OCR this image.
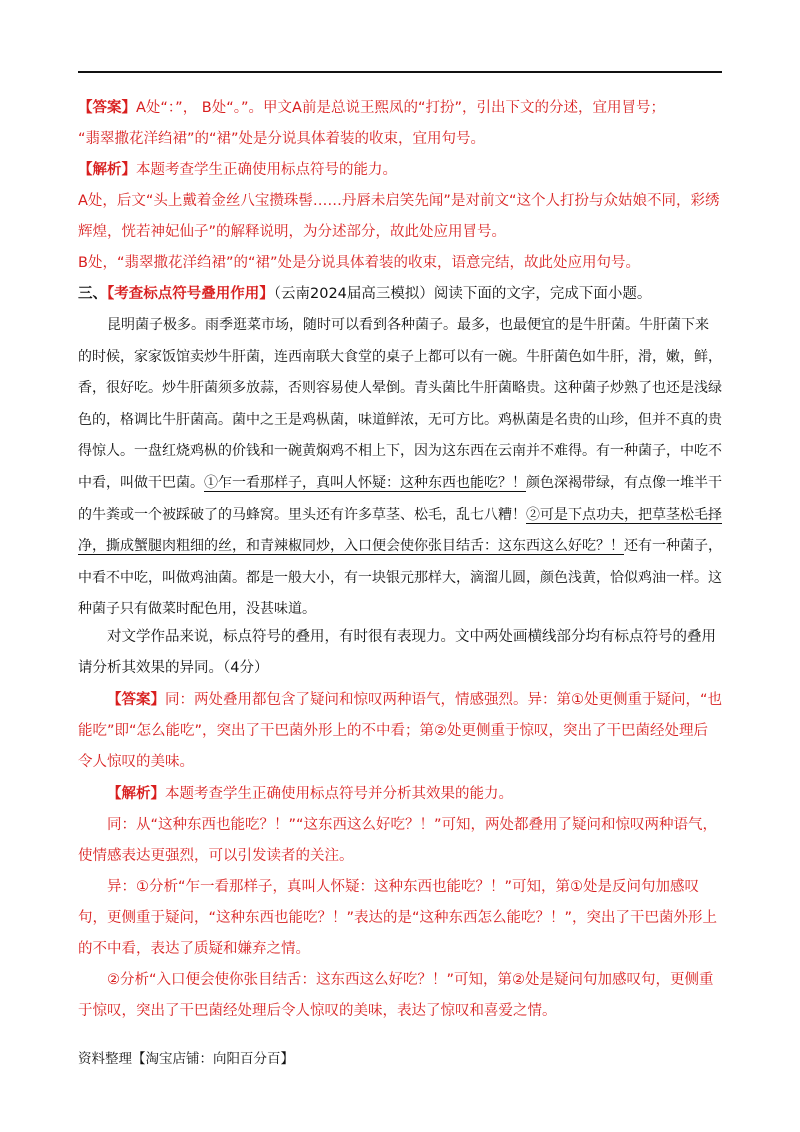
【答案】A处“：”， B处“。”。甲文A前是总说王熙凤的“打扮”，引出下文的分述，宜用冒号；

“翡翠撒花洋绉裙”的“裙”处是分说具体着装的收束，宜用句号。

【解析】本题考查学生正确使用标点符号的能力。

A处，后文“头上戴着金丝八宝攒珠髻……丹唇未启笑先闻”是对前文“这个人打扮与众姑娘不同，彩绣辉煌，恍若神妃仙子”的解释说明，为分述部分，故此处应用冒号。

B处，“翡翠撒花洋绉裙”的“裙”处是分说具体着装的收束，语意完结，故此处应用句号。

三、【考查标点符号叠用作用】（云南2024届高三模拟）阅读下面的文字，完成下面小题。

昆明菌子极多。雨季逛菜市场，随时可以看到各种菌子。最多，也最便宜的是牛肝菌。牛肝菌下来的时候，家家饭馆卖炒牛肝菌，连西南联大食堂的桌子上都可以有一碗。牛肝菌色如牛肝，滑，嫩，鲜，香，很好吃。炒牛肝菌须多放蒜，否则容易使人晕倒。青头菌比牛肝菌略贵。这种菌子炒熟了也还是浅绿色的，格调比牛肝菌高。菌中之王是鸡枞菌，味道鲜浓，无可方比。鸡枞菌是名贵的山珍，但并不真的贵得惊人。一盘红烧鸡枞的价钱和一碗黄焖鸡不相上下，因为这东西在云南并不难得。有一种菌子，中吃不中看，叫做干巴菌。①乍一看那样子，真叫人怀疑：这种东西也能吃？！颜色深褐带绿，有点像一堆半干的牛粪或一个被踩破了的马蜂窝。里头还有许多草茎、松毛，乱七八糟！②可是下点功夫，把草茎松毛择净，撕成蟹腿肉粗细的丝，和青辣椒同炒，入口便会使你张目结舌：这东西这么好吃？！还有一种菌子，中看不中吃，叫做鸡油菌。都是一般大小，有一块银元那样大，滴溜儿圆，颜色浅黄，恰似鸡油一样。这种菌子只有做菜时配色用，没甚味道。

对文学作品来说，标点符号的叠用，有时很有表现力。文中两处画横线部分均有标点符号的叠用请分析其效果的异同。（4分）

【答案】同：两处叠用都包含了疑问和惊叹两种语气，情感强烈。异：第①处更侧重于疑问，“也能吃”即“怎么能吃”，突出了干巴菌外形上的不中看；第②处更侧重于惊叹，突出了干巴菌经处理后令人惊叹的美味。

【解析】本题考查学生正确使用标点符号并分析其效果的能力。

同：从“这种东西也能吃？！”“这东西这么好吃？！”可知，两处都叠用了疑问和惊叹两种语气，使情感表达更强烈，可以引发读者的关注。

异：①分析“乍一看那样子，真叫人怀疑：这种东西也能吃？！”可知，第①处是反问句加感叹句，更侧重于疑问，“这种东西也能吃？！”表达的是“这种东西怎么能吃？！”，突出了干巴菌外形上的不中看，表达了质疑和嫌弃之情。

②分析“入口便会使你张目结舌：这东西这么好吃？！”可知，第②处是疑问句加感叹句，更侧重于惊叹，突出了干巴菌经处理后令人惊叹的美味，表达了惊叹和喜爱之情。

资料整理【淘宝店铺：向阳百分百】
